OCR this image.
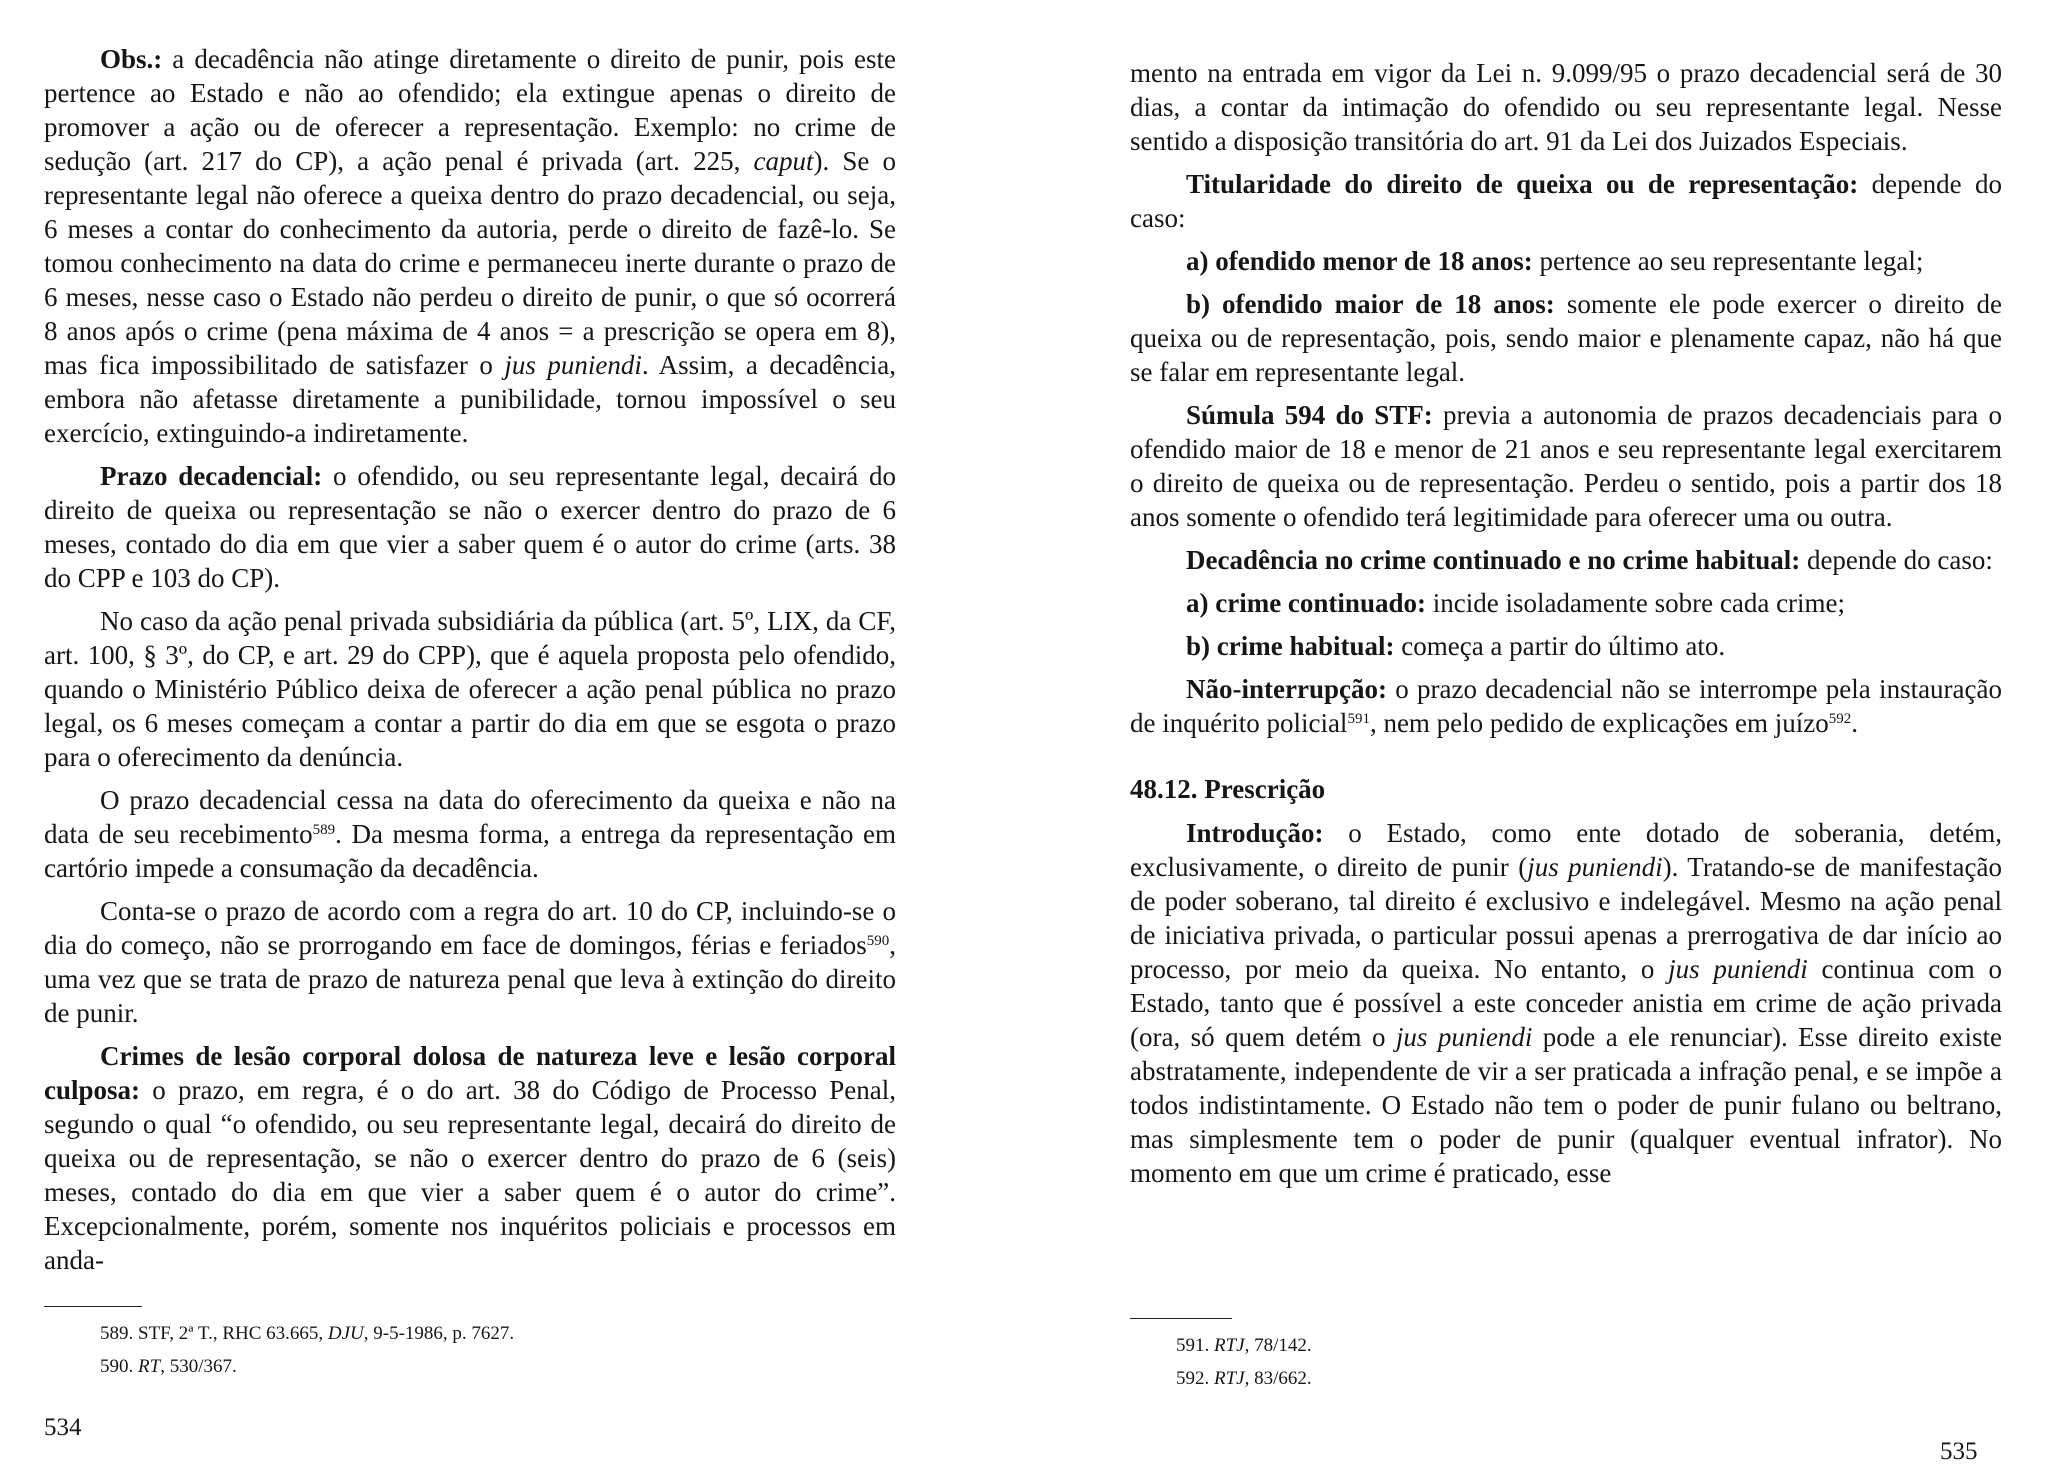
Obs.: a decadência não atinge diretamente o direito de punir, pois este pertence ao Estado e não ao ofendido; ela extingue apenas o direito de promover a ação ou de oferecer a representação. Exemplo: no crime de sedução (art. 217 do CP), a ação penal é privada (art. 225, caput). Se o representante legal não oferece a queixa dentro do prazo decadencial, ou seja, 6 meses a contar do conhecimento da autoria, perde o direito de fazê-lo. Se tomou conhecimento na data do crime e permaneceu inerte durante o prazo de 6 meses, nesse caso o Estado não perdeu o direito de punir, o que só ocorrerá 8 anos após o crime (pena máxima de 4 anos = a prescrição se opera em 8), mas fica impossibilitado de satisfazer o jus puniendi. Assim, a decadência, embora não afetasse diretamente a punibilidade, tornou impossível o seu exercício, extinguindo-a indiretamente.

Prazo decadencial: o ofendido, ou seu representante legal, decairá do direito de queixa ou representação se não o exercer dentro do prazo de 6 meses, contado do dia em que vier a saber quem é o autor do crime (arts. 38 do CPP e 103 do CP).

No caso da ação penal privada subsidiária da pública (art. 5º, LIX, da CF, art. 100, § 3º, do CP, e art. 29 do CPP), que é aquela proposta pelo ofendido, quando o Ministério Público deixa de oferecer a ação penal pública no prazo legal, os 6 meses começam a contar a partir do dia em que se esgota o prazo para o oferecimento da denúncia.

O prazo decadencial cessa na data do oferecimento da queixa e não na data de seu recebimento$^{589}$. Da mesma forma, a entrega da representação em cartório impede a consumação da decadência.

Conta-se o prazo de acordo com a regra do art. 10 do CP, incluindo-se o dia do começo, não se prorrogando em face de domingos, férias e feriados$^{590}$, uma vez que se trata de prazo de natureza penal que leva à extinção do direito de punir.

Crimes de lesão corporal dolosa de natureza leve e lesão corporal culposa: o prazo, em regra, é o do art. 38 do Código de Processo Penal, segundo o qual “o ofendido, ou seu representante legal, decairá do direito de queixa ou de representação, se não o exercer dentro do prazo de 6 (seis) meses, contado do dia em que vier a saber quem é o autor do crime”. Excepcionalmente, porém, somente nos inquéritos policiais e processos em anda-

589. STF, 2ª T., RHC 63.665, DJU, 9-5-1986, p. 7627.
590. RT, 530/367.
534

mento na entrada em vigor da Lei n. 9.099/95 o prazo decadencial será de 30 dias, a contar da intimação do ofendido ou seu representante legal. Nesse sentido a disposição transitória do art. 91 da Lei dos Juizados Especiais.

Titularidade do direito de queixa ou de representação: depende do caso:

a) ofendido menor de 18 anos: pertence ao seu representante legal;

b) ofendido maior de 18 anos: somente ele pode exercer o direito de queixa ou de representação, pois, sendo maior e plenamente capaz, não há que se falar em representante legal.

Súmula 594 do STF: previa a autonomia de prazos decadenciais para o ofendido maior de 18 e menor de 21 anos e seu representante legal exercitarem o direito de queixa ou de representação. Perdeu o sentido, pois a partir dos 18 anos somente o ofendido terá legitimidade para oferecer uma ou outra.

Decadência no crime continuado e no crime habitual: depende do caso:

a) crime continuado: incide isoladamente sobre cada crime;

b) crime habitual: começa a partir do último ato.

Não-interrupção: o prazo decadencial não se interrompe pela instauração de inquérito policial$^{591}$, nem pelo pedido de explicações em juízo$^{592}$.

48.12. Prescrição

Introdução: o Estado, como ente dotado de soberania, detém, exclusivamente, o direito de punir (jus puniendi). Tratando-se de manifestação de poder soberano, tal direito é exclusivo e indelegável. Mesmo na ação penal de iniciativa privada, o particular possui apenas a prerrogativa de dar início ao processo, por meio da queixa. No entanto, o jus puniendi continua com o Estado, tanto que é possível a este conceder anistia em crime de ação privada (ora, só quem detém o jus puniendi pode a ele renunciar). Esse direito existe abstratamente, independente de vir a ser praticada a infração penal, e se impõe a todos indistintamente. O Estado não tem o poder de punir fulano ou beltrano, mas simplesmente tem o poder de punir (qualquer eventual infrator). No momento em que um crime é praticado, esse

591. RTJ, 78/142.
592. RTJ, 83/662.
535
